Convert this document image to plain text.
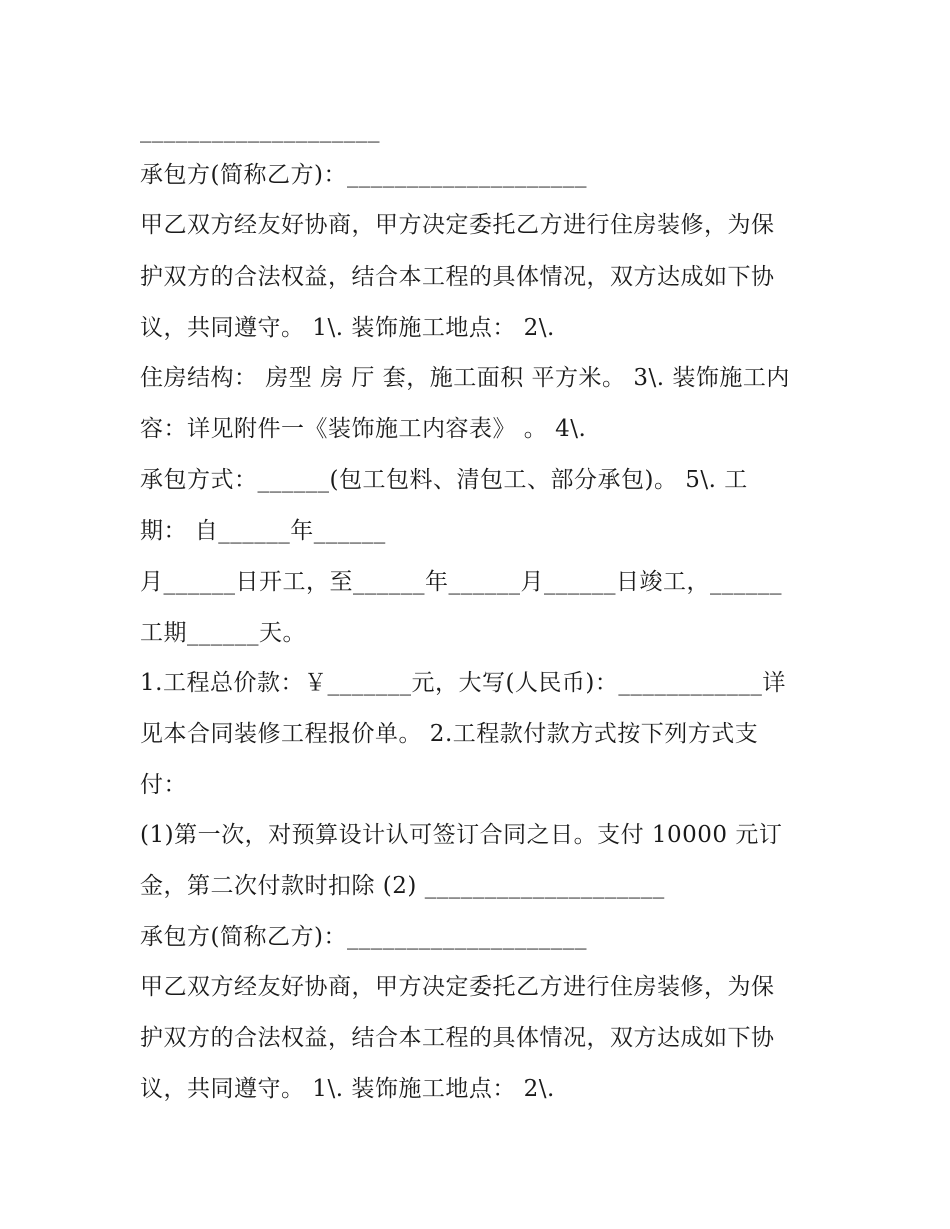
____________________
承包方(简称乙方)：____________________
甲乙双方经友好协商，甲方决定委托乙方进行住房装修，为保
护双方的合法权益，结合本工程的具体情况，双方达成如下协
议，共同遵守。 1\. 装饰施工地点： 2\.
住房结构： 房型 房 厅 套，施工面积 平方米。 3\. 装饰施工内
容：详见附件一《装饰施工内容表》 。 4\.
承包方式：______(包工包料、清包工、部分承包)。 5\. 工
期： 自______年______
月______日开工，至______年______月______日竣工，______
工期______天。
1.工程总价款：￥_______元，大写(人民币)：____________详
见本合同装修工程报价单。 2.工程款付款方式按下列方式支
付：
(1)第一次，对预算设计认可签订合同之日。支付 10000 元订
金，第二次付款时扣除 (2) ____________________
承包方(简称乙方)：____________________
甲乙双方经友好协商，甲方决定委托乙方进行住房装修，为保
护双方的合法权益，结合本工程的具体情况，双方达成如下协
议，共同遵守。 1\. 装饰施工地点： 2\.
